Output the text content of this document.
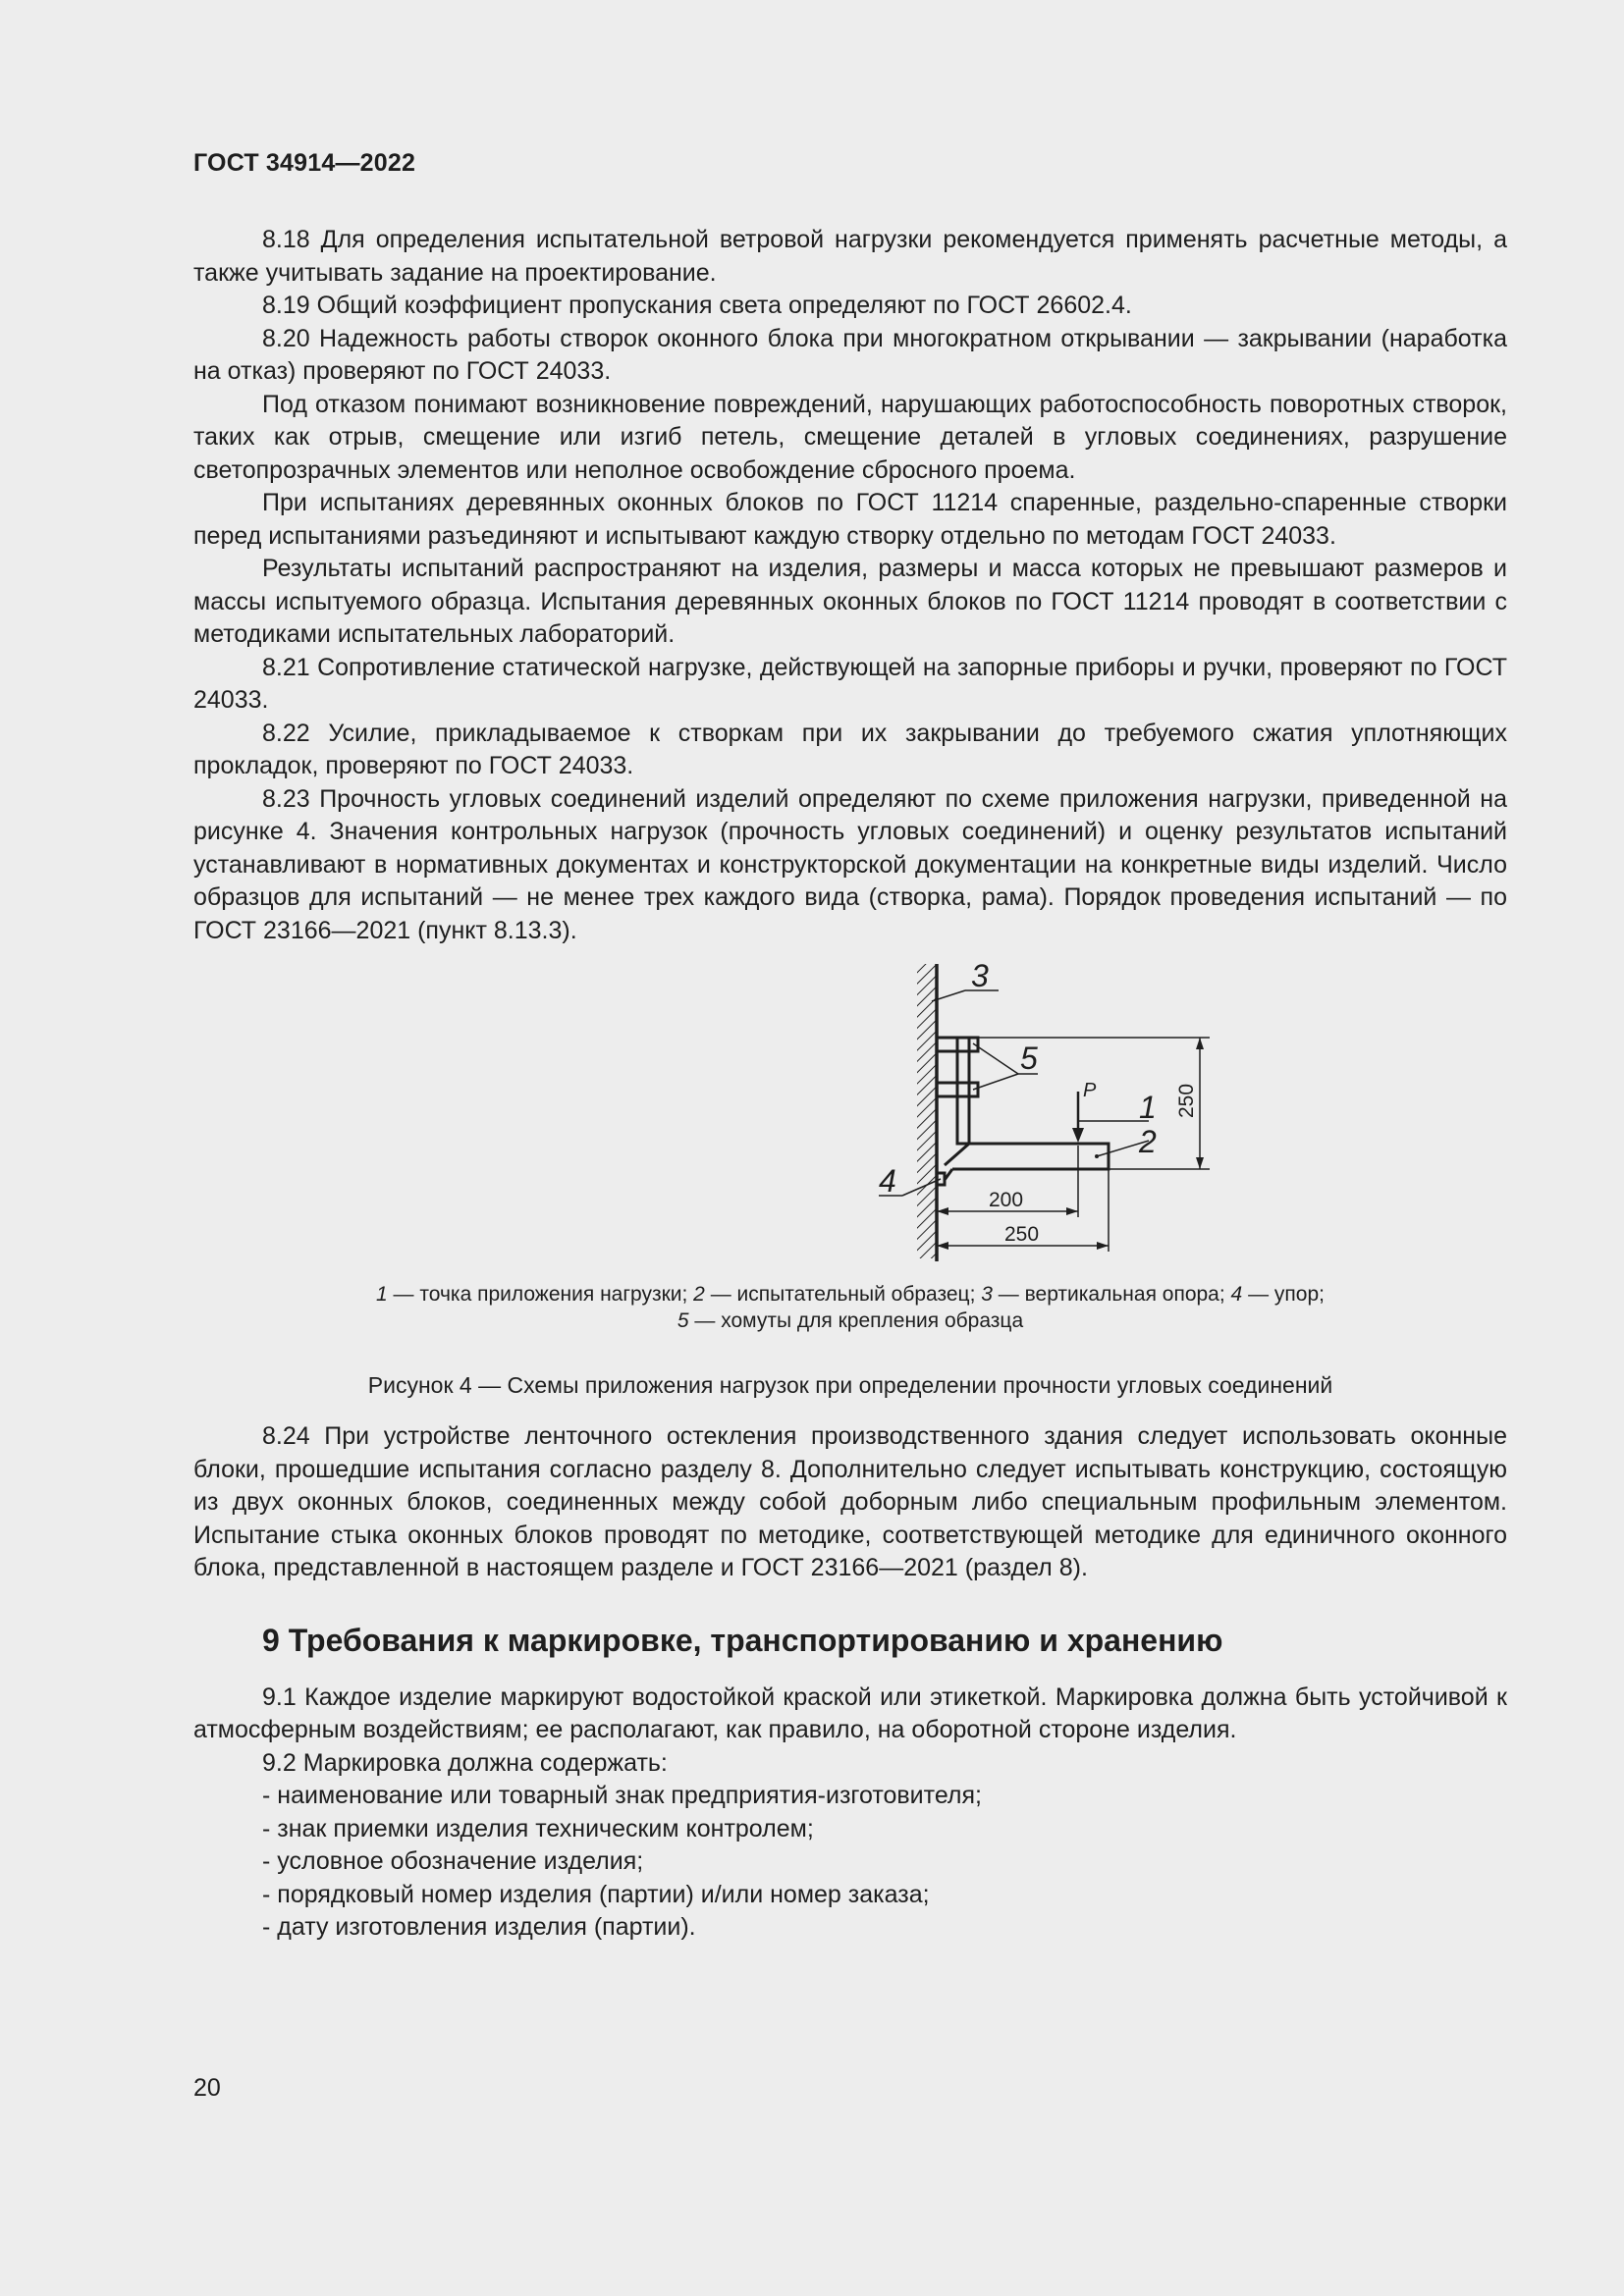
ГОСТ 34914—2022

8.18 Для определения испытательной ветровой нагрузки рекомендуется применять расчетные методы, а также учитывать задание на проектирование.

8.19 Общий коэффициент пропускания света определяют по ГОСТ 26602.4.

8.20 Надежность работы створок оконного блока при многократном открывании — закрывании (наработка на отказ) проверяют по ГОСТ 24033.

Под отказом понимают возникновение повреждений, нарушающих работоспособность поворотных створок, таких как отрыв, смещение или изгиб петель, смещение деталей в угловых соединениях, разрушение светопрозрачных элементов или неполное освобождение сбросного проема.

При испытаниях деревянных оконных блоков по ГОСТ 11214 спаренные, раздельно-спаренные створки перед испытаниями разъединяют и испытывают каждую створку отдельно по методам ГОСТ 24033.

Результаты испытаний распространяют на изделия, размеры и масса которых не превышают размеров и массы испытуемого образца. Испытания деревянных оконных блоков по ГОСТ 11214 проводят в соответствии с методиками испытательных лабораторий.

8.21 Сопротивление статической нагрузке, действующей на запорные приборы и ручки, проверяют по ГОСТ 24033.

8.22 Усилие, прикладываемое к створкам при их закрывании до требуемого сжатия уплотняющих прокладок, проверяют по ГОСТ 24033.

8.23 Прочность угловых соединений изделий определяют по схеме приложения нагрузки, приведенной на рисунке 4. Значения контрольных нагрузок (прочность угловых соединений) и оценку результатов испытаний устанавливают в нормативных документах и конструкторской документации на конкретные виды изделий. Число образцов для испытаний — не менее трех каждого вида (створка, рама). Порядок проведения испытаний — по ГОСТ 23166—2021 (пункт 8.13.3).

3
5
P 1
2
4
200
250
250
1 — точка приложения нагрузки; 2 — испытательный образец; 3 — вертикальная опора; 4 — упор;
5 — хомуты для крепления образца
Рисунок 4 — Схемы приложения нагрузок при определении прочности угловых соединений

8.24 При устройстве ленточного остекления производственного здания следует использовать оконные блоки, прошедшие испытания согласно разделу 8. Дополнительно следует испытывать конструкцию, состоящую из двух оконных блоков, соединенных между собой доборным либо специальным профильным элементом. Испытание стыка оконных блоков проводят по методике, соответствующей методике для единичного оконного блока, представленной в настоящем разделе и ГОСТ 23166—2021 (раздел 8).

9 Требования к маркировке, транспортированию и хранению

9.1 Каждое изделие маркируют водостойкой краской или этикеткой. Маркировка должна быть устойчивой к атмосферным воздействиям; ее располагают, как правило, на оборотной стороне изделия.

9.2 Маркировка должна содержать:

- наименование или товарный знак предприятия-изготовителя;
- знак приемки изделия техническим контролем;
- условное обозначение изделия;
- порядковый номер изделия (партии) и/или номер заказа;
- дату изготовления изделия (партии).
20
